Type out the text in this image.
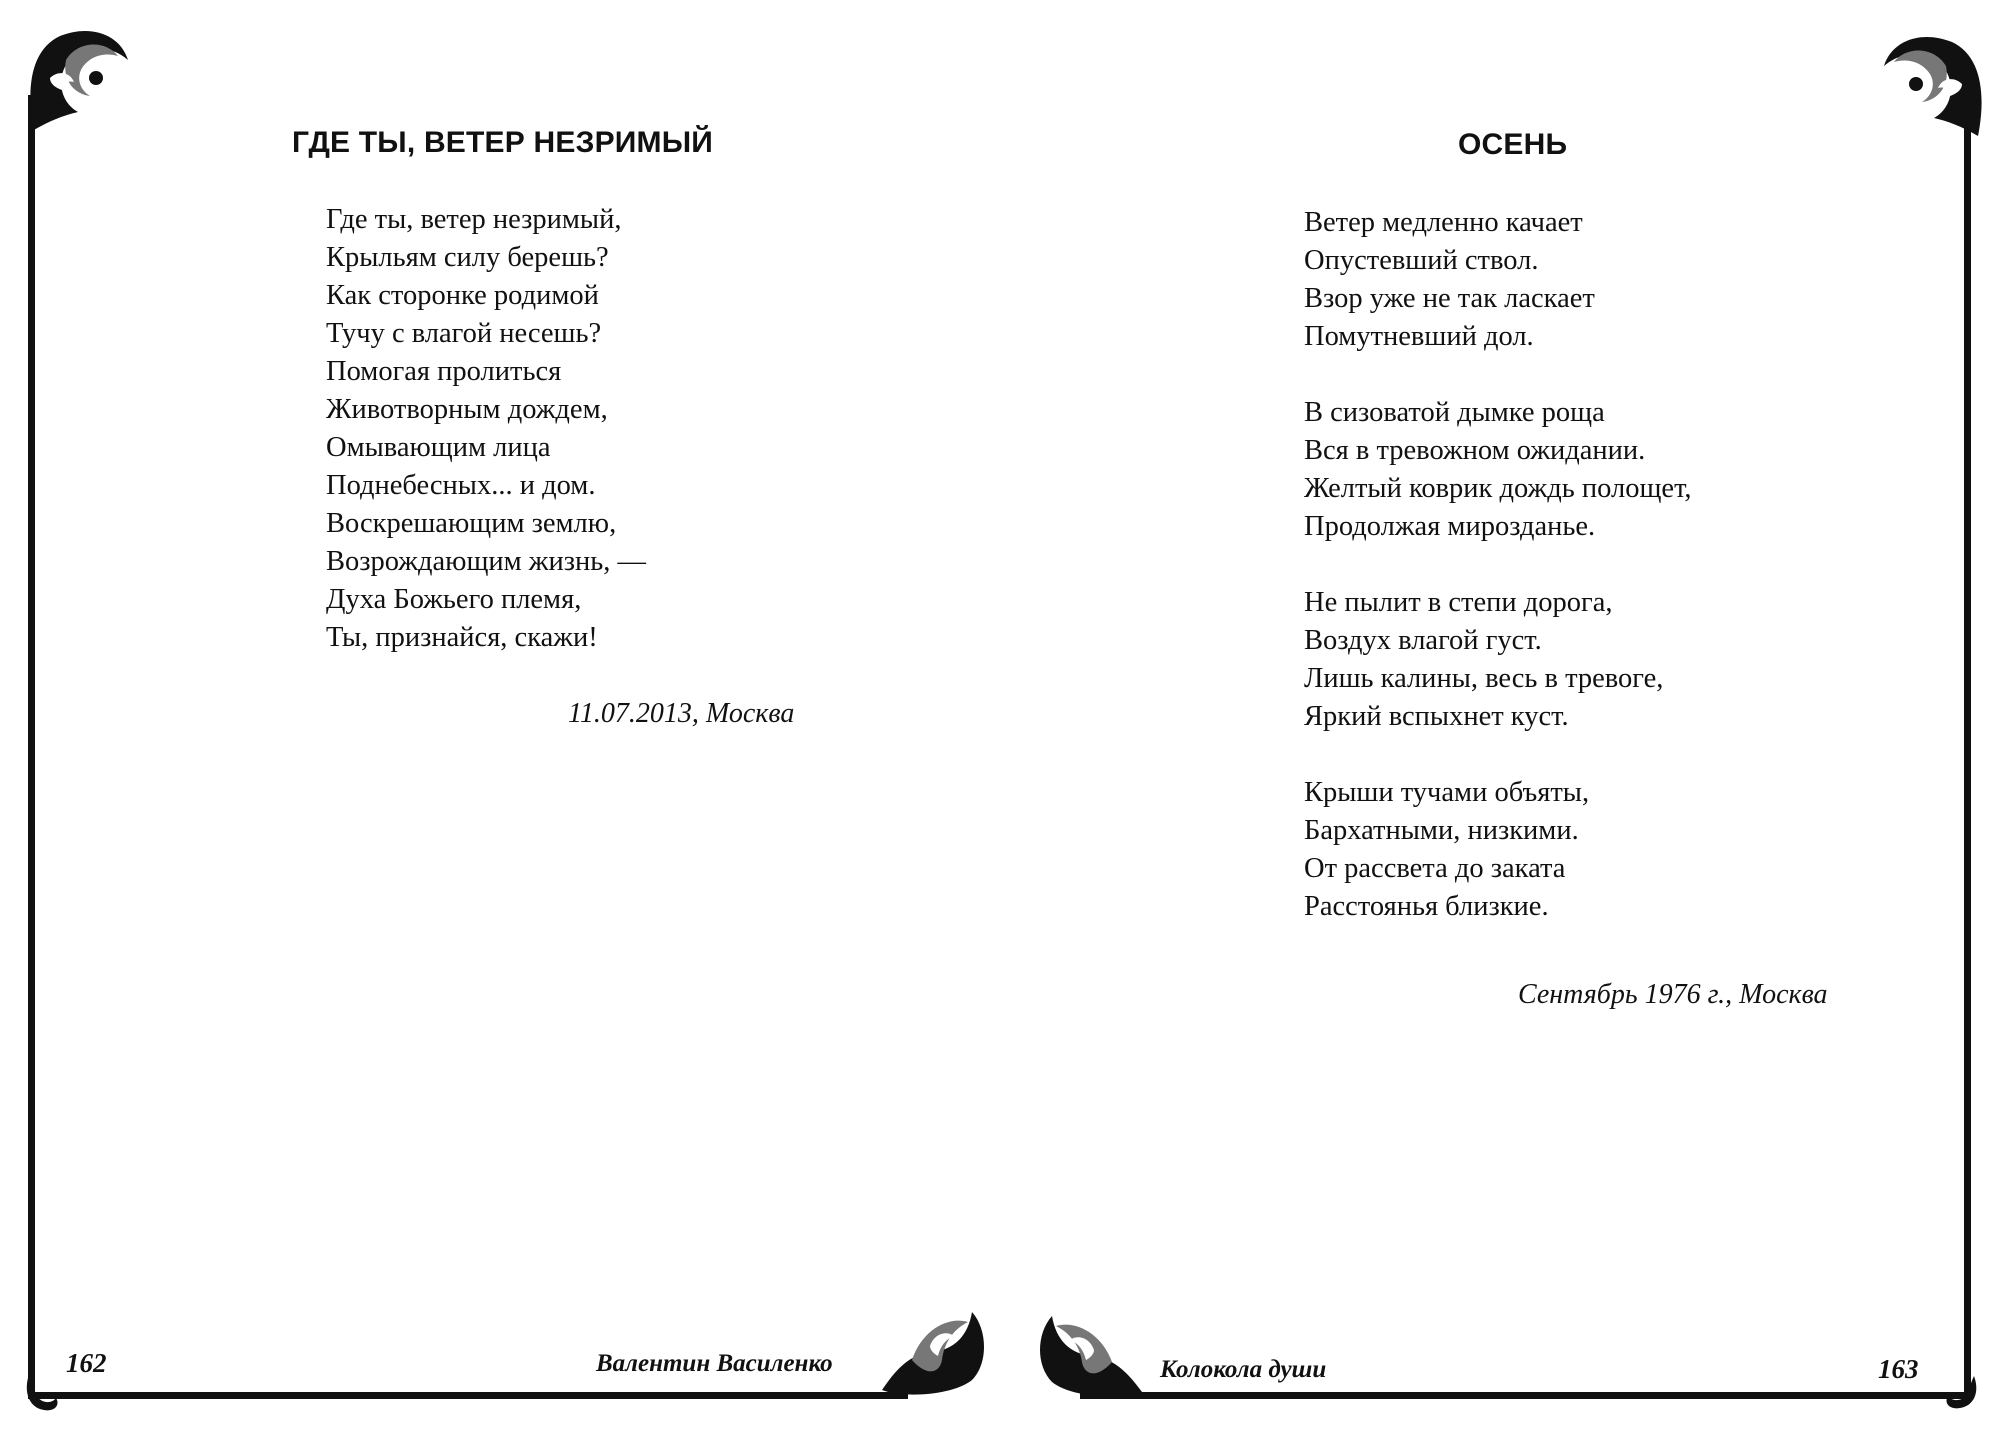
ГДЕ ТЫ, ВЕТЕР НЕЗРИМЫЙ
Где ты, ветер незримый,
Крыльям силу берешь?
Как сторонке родимой
Тучу с влагой несешь?
Помогая пролиться
Животворным дождем,
Омывающим лица
Поднебесных... и дом.
Воскрешающим землю,
Возрождающим жизнь, —
Духа Божьего племя,
Ты, признайся, скажи!
11.07.2013, Москва
162	Валентин Василенко
ОСЕНЬ
Ветер медленно качает
Опустевший ствол.
Взор уже не так ласкает
Помутневший дол.
В сизоватой дымке роща
Вся в тревожном ожидании.
Желтый коврик дождь полощет,
Продолжая мирозданье.
Не пылит в степи дорога,
Воздух влагой густ.
Лишь калины, весь в тревоге,
Яркий вспыхнет куст.
Крыши тучами объяты,
Бархатными, низкими.
От рассвета до заката
Расстоянья близкие.
Сентябрь 1976 г., Москва
Колокола души	163
